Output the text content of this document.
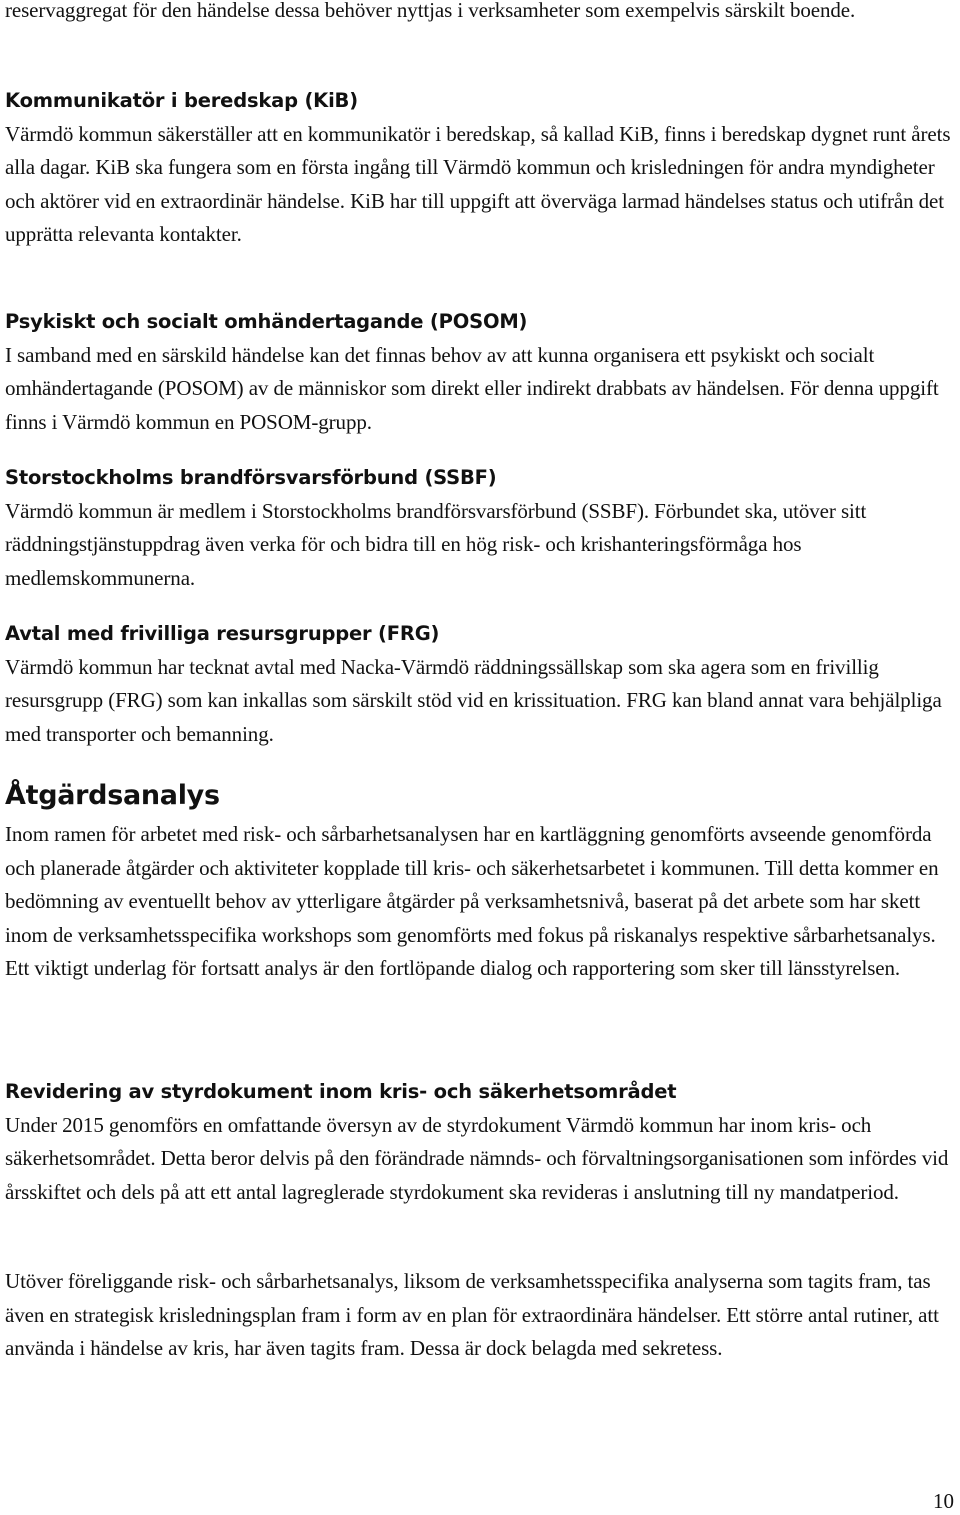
reservaggregat för den händelse dessa behöver nyttjas i verksamheter som exempelvis särskilt boende.

Kommunikatör i beredskap (KiB)

Värmdö kommun säkerställer att en kommunikatör i beredskap, så kallad KiB, finns i beredskap dygnet runt årets alla dagar. KiB ska fungera som en första ingång till Värmdö kommun och krisledningen för andra myndigheter och aktörer vid en extraordinär händelse. KiB har till uppgift att överväga larmad händelses status och utifrån det upprätta relevanta kontakter.

Psykiskt och socialt omhändertagande (POSOM)

I samband med en särskild händelse kan det finnas behov av att kunna organisera ett psykiskt och socialt omhändertagande (POSOM) av de människor som direkt eller indirekt drabbats av händelsen. För denna uppgift finns i Värmdö kommun en POSOM-grupp.

Storstockholms brandförsvarsförbund (SSBF)

Värmdö kommun är medlem i Storstockholms brandförsvarsförbund (SSBF). Förbundet ska, utöver sitt räddningstjänstuppdrag även verka för och bidra till en hög risk- och krishanteringsförmåga hos medlemskommunerna.

Avtal med frivilliga resursgrupper (FRG)

Värmdö kommun har tecknat avtal med Nacka-Värmdö räddningssällskap som ska agera som en frivillig resursgrupp (FRG) som kan inkallas som särskilt stöd vid en krissituation. FRG kan bland annat vara behjälpliga med transporter och bemanning.

Åtgärdsanalys

Inom ramen för arbetet med risk- och sårbarhetsanalysen har en kartläggning genomförts avseende genomförda och planerade åtgärder och aktiviteter kopplade till kris- och säkerhetsarbetet i kommunen. Till detta kommer en bedömning av eventuellt behov av ytterligare åtgärder på verksamhetsnivå, baserat på det arbete som har skett inom de verksamhetsspecifika workshops som genomförts med fokus på riskanalys respektive sårbarhetsanalys. Ett viktigt underlag för fortsatt analys är den fortlöpande dialog och rapportering som sker till länsstyrelsen.

Revidering av styrdokument inom kris- och säkerhetsområdet

Under 2015 genomförs en omfattande översyn av de styrdokument Värmdö kommun har inom kris- och säkerhetsområdet. Detta beror delvis på den förändrade nämnds- och förvaltningsorganisationen som infördes vid årsskiftet och dels på att ett antal lagreglerade styrdokument ska revideras i anslutning till ny mandatperiod.

Utöver föreliggande risk- och sårbarhetsanalys, liksom de verksamhetsspecifika analyserna som tagits fram, tas även en strategisk krisledningsplan fram i form av en plan för extraordinära händelser. Ett större antal rutiner, att använda i händelse av kris, har även tagits fram. Dessa är dock belagda med sekretess.

10
